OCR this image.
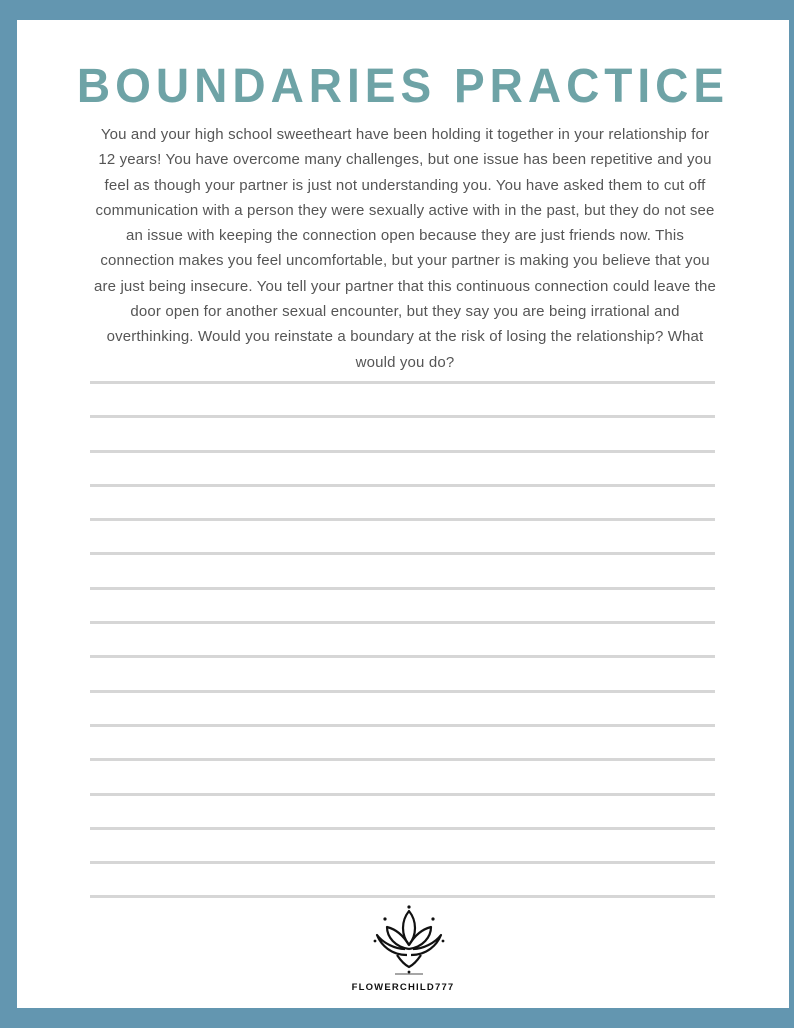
BOUNDARIES PRACTICE

You and your high school sweetheart have been holding it together in your relationship for 12 years! You have overcome many challenges, but one issue has been repetitive and you feel as though your partner is just not understanding you. You have asked them to cut off communication with a person they were sexually active with in the past, but they do not see an issue with keeping the connection open because they are just friends now. This connection makes you feel uncomfortable, but your partner is making you believe that you are just being insecure. You tell your partner that this continuous connection could leave the door open for another sexual encounter, but they say you are being irrational and overthinking. Would you reinstate a boundary at the risk of losing the relationship? What would you do?

FLOWERCHILD777
